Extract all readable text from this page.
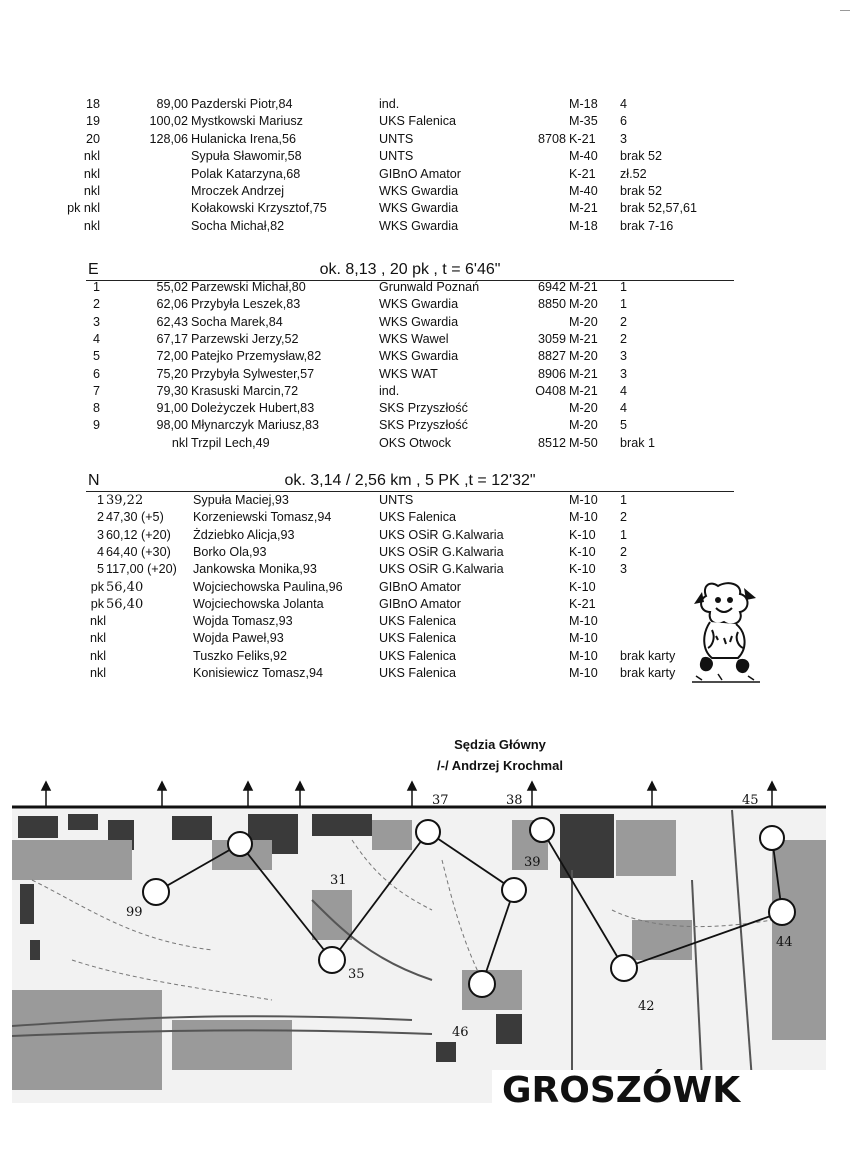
18	89,00 Pazderski Piotr,84	ind.	M-18 4
19	100,02 Mystkowski Mariusz	UKS Falenica	M-35 6
20	128,06 Hulanicka Irena,56	UNTS	8708 K-21 3
nkl	Sypuła Sławomir,58	UNTS	M-40 brak 52
nkl	Polak Katarzyna,68	GIBnO Amator	K-21 zł.52
nkl	Mroczek Andrzej	WKS Gwardia	M-40 brak 52
pk nkl	Kołakowski Krzysztof,75	WKS Gwardia	M-21 brak 52,57,61
nkl	Socha Michał,82	WKS Gwardia	M-18 brak 7-16
E	ok. 8,13 , 20 pk , t = 6'46"
1	55,02 Parzewski Michał,80	Grunwald Poznań	6942 M-21 1
2	62,06 Przybyła Leszek,83	WKS Gwardia	8850 M-20 1
3	62,43 Socha Marek,84	WKS Gwardia	M-20 2
4	67,17 Parzewski Jerzy,52	WKS Wawel	3059 M-21 2
5	72,00 Patejko Przemysław,82	WKS Gwardia	8827 M-20 3
6	75,20 Przybyła Sylwester,57	WKS WAT	8906 M-21 3
7	79,30 Krasuski Marcin,72	ind.	O408 M-21 4
8	91,00 Doleżyczek Hubert,83	SKS Przyszłość	M-20 4
9	98,00 Młynarczyk Mariusz,83	SKS Przyszłość	M-20 5
nkl Trzpil Lech,49	OKS Otwock	8512 M-50 brak 1
N	ok. 3,14 / 2,56 km , 5 PK ,t = 12'32"
1 39,22	Sypuła Maciej,93	UNTS	M-10 1
2 47,30 (+5)	Korzeniewski Tomasz,94	UKS Falenica	M-10 2
3 60,12 (+20)	Żdziebko Alicja,93	UKS OSiR G.Kalwaria	K-10 1
4 64,40 (+30)	Borko Ola,93	UKS OSiR G.Kalwaria	K-10 2
5 117,00 (+20)	Jankowska Monika,93	UKS OSiR G.Kalwaria	K-10 3
pk 56,40	Wojciechowska Paulina,96	GIBnO Amator	K-10
pk 56,40	Wojciechowska Jolanta	GIBnO Amator	K-21
nkl	Wojda Tomasz,93	UKS Falenica	M-10
nkl	Wojda Paweł,93	UKS Falenica	M-10
nkl	Tuszko Feliks,92	UKS Falenica	M-10 brak karty
nkl	Konisiewicz Tomasz,94	UKS Falenica	M-10 brak karty
Sędzia Główny
/-/ Andrzej Krochmal
37	38	45
31
39
99
35
44
42
46
GROSZÓWK
